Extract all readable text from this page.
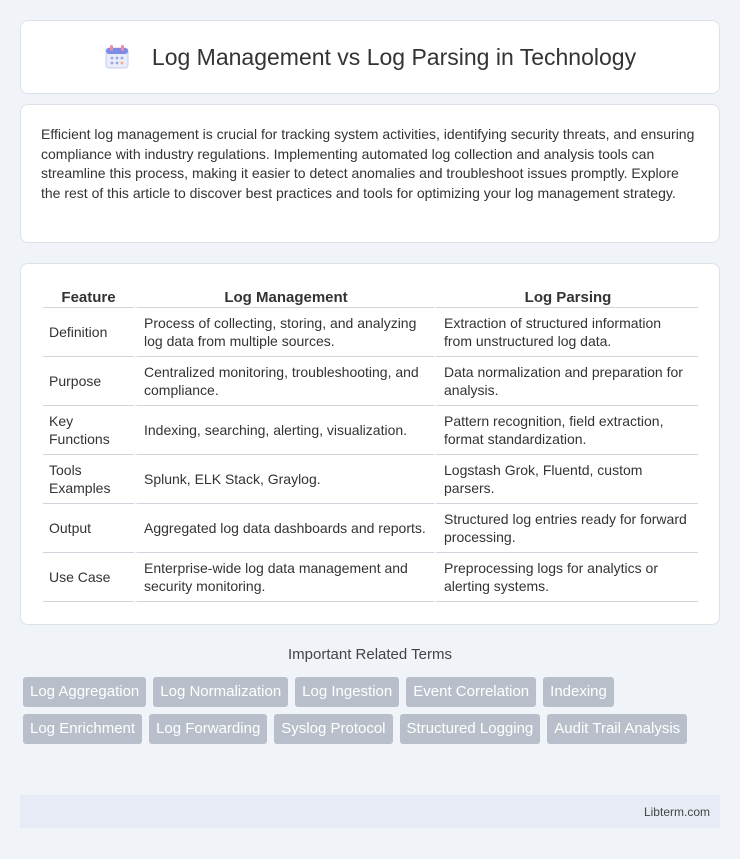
Log Management vs Log Parsing in Technology

Efficient log management is crucial for tracking system activities, identifying security threats, and ensuring compliance with industry regulations. Implementing automated log collection and analysis tools can streamline this process, making it easier to detect anomalies and troubleshoot issues promptly. Explore the rest of this article to discover best practices and tools for optimizing your log management strategy.

Feature	Log Management	Log Parsing
Definition	Process of collecting, storing, and analyzing log data from multiple sources.	Extraction of structured information from unstructured log data.
Purpose	Centralized monitoring, troubleshooting, and compliance.	Data normalization and preparation for analysis.
Key Functions	Indexing, searching, alerting, visualization.	Pattern recognition, field extraction, format standardization.
Tools Examples	Splunk, ELK Stack, Graylog.	Logstash Grok, Fluentd, custom parsers.
Output	Aggregated log data dashboards and reports.	Structured log entries ready for forward processing.
Use Case	Enterprise-wide log data management and security monitoring.	Preprocessing logs for analytics or alerting systems.
Important Related Terms
Log Aggregation	Log Normalization	Log Ingestion	Event Correlation	Indexing
Log Enrichment	Log Forwarding	Syslog Protocol	Structured Logging	Audit Trail Analysis
Libterm.com
